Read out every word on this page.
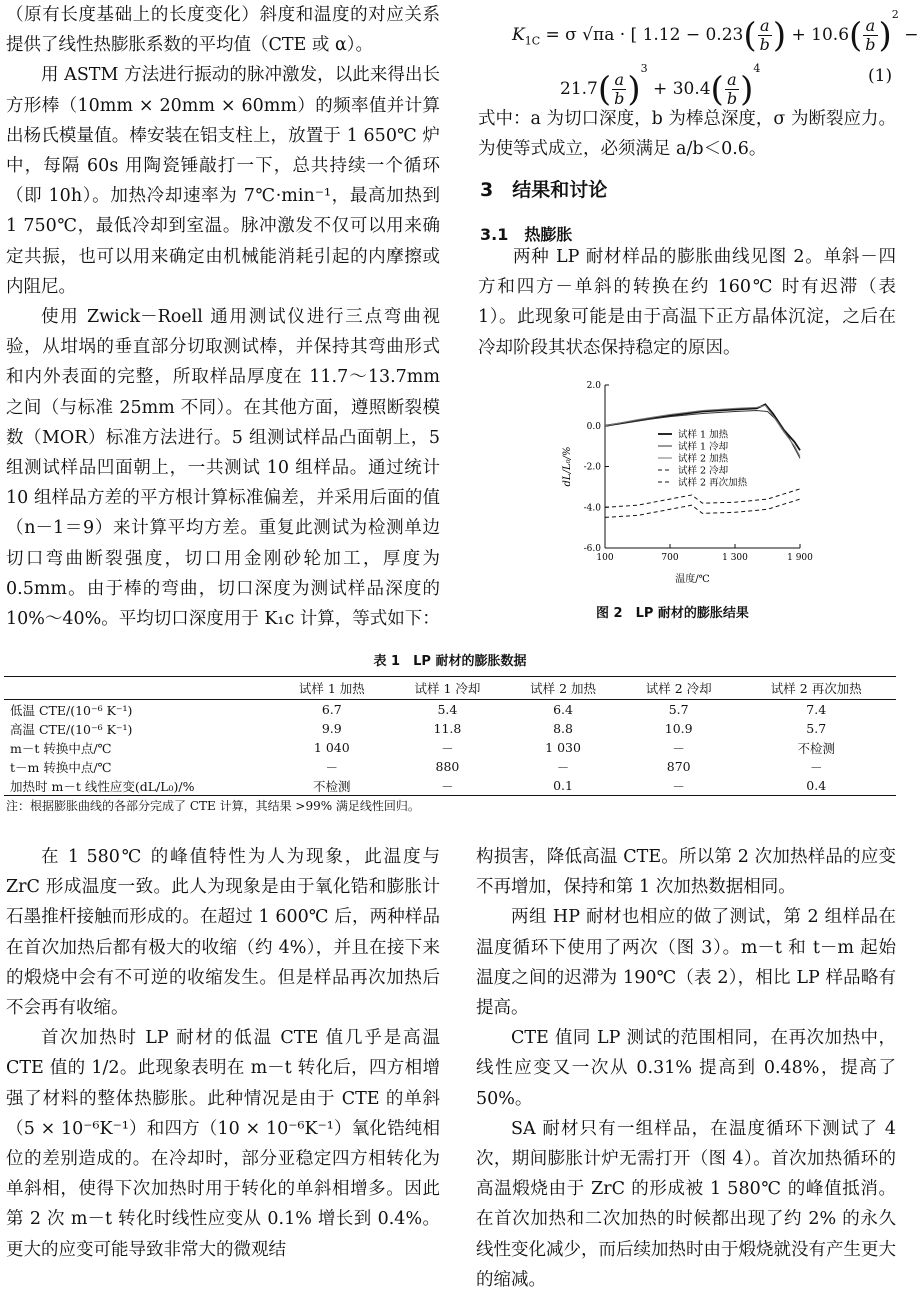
（原有长度基础上的长度变化）斜度和温度的对应关系提供了线性热膨胀系数的平均值（CTE 或 α）。

用 ASTM 方法进行振动的脉冲激发，以此来得出长方形棒（10mm × 20mm × 60mm）的频率值并计算出杨氏模量值。棒安装在铝支柱上，放置于 1 650℃ 炉中，每隔 60s 用陶瓷锤敲打一下，总共持续一个循环（即 10h）。加热冷却速率为 7℃·min⁻¹，最高加热到 1 750℃，最低冷却到室温。脉冲激发不仅可以用来确定共振，也可以用来确定由机械能消耗引起的内摩擦或内阻尼。

使用 Zwick－Roell 通用测试仪进行三点弯曲视验，从坩埚的垂直部分切取测试棒，并保持其弯曲形式和内外表面的完整，所取样品厚度在 11.7～13.7mm 之间（与标准 25mm 不同）。在其他方面，遵照断裂模数（MOR）标准方法进行。5 组测试样品凸面朝上，5 组测试样品凹面朝上，一共测试 10 组样品。通过统计 10 组样品方差的平方根计算标准偏差，并采用后面的值（n－1＝9）来计算平均方差。重复此测试为检测单边切口弯曲断裂强度，切口用金刚砂轮加工，厚度为 0.5mm。由于棒的弯曲，切口深度为测试样品深度的 10%～40%。平均切口深度用于 K₁c 计算，等式如下：

$K_{1C} = \sigma$ √πa · [ $1.12 - 0.23( \frac{a}{b}$ ) + $10.6( \frac{a}{b} )^2$ −
$21.7( \frac{a}{b} )^3 + 30.4( \frac{a}{b} )^4$	(1)
式中：a 为切口深度，b 为棒总深度，σ 为断裂应力。为使等式成立，必须满足 a/b＜0.6。
3　结果和讨论
3.1　热膨胀
两种 LP 耐材样品的膨胀曲线见图 2。单斜－四方和四方－单斜的转换在约 160℃ 时有迟滞（表 1）。此现象可能是由于高温下正方晶体沉淀，之后在冷却阶段其状态保持稳定的原因。
2.0
0.0
-2.0
-4.0
-6.0
100	700	1 300	1 900
温度/℃
dL/L₀/%
试样 1 加热
试样 1 冷却
试样 2 加热
试样 2 冷却
试样 2 再次加热
图 2　LP 耐材的膨胀结果
表 1　LP 耐材的膨胀数据
	试样 1 加热	试样 1 冷却	试样 2 加热	试样 2 冷却	试样 2 再次加热
低温 CTE/(10⁻⁶ K⁻¹)	6.7	5.4	6.4	5.7	7.4
高温 CTE/(10⁻⁶ K⁻¹)	9.9	11.8	8.8	10.9	5.7
m－t 转换中点/℃	1 040	－	1 030	－	不检测
t－m 转换中点/℃	－	880	－	870	－
加热时 m－t 线性应变(dL/L₀)/%	不检测	－	0.1	－	0.4
注：根据膨胀曲线的各部分完成了 CTE 计算，其结果 >99% 满足线性回归。

在 1 580℃ 的峰值特性为人为现象，此温度与 ZrC 形成温度一致。此人为现象是由于氧化锆和膨胀计石墨推杆接触而形成的。在超过 1 600℃ 后，两种样品在首次加热后都有极大的收缩（约 4%），并且在接下来的煅烧中会有不可逆的收缩发生。但是样品再次加热后不会再有收缩。

首次加热时 LP 耐材的低温 CTE 值几乎是高温 CTE 值的 1/2。此现象表明在 m－t 转化后，四方相增强了材料的整体热膨胀。此种情况是由于 CTE 的单斜（5 × 10⁻⁶K⁻¹）和四方（10 × 10⁻⁶K⁻¹）氧化锆纯相位的差别造成的。在冷却时，部分亚稳定四方相转化为单斜相，使得下次加热时用于转化的单斜相增多。因此第 2 次 m－t 转化时线性应变从 0.1% 增长到 0.4%。更大的应变可能导致非常大的微观结

构损害，降低高温 CTE。所以第 2 次加热样品的应变不再增加，保持和第 1 次加热数据相同。

两组 HP 耐材也相应的做了测试，第 2 组样品在温度循环下使用了两次（图 3）。m－t 和 t－m 起始温度之间的迟滞为 190℃（表 2），相比 LP 样品略有提高。

CTE 值同 LP 测试的范围相同，在再次加热中，线性应变又一次从 0.31% 提高到 0.48%，提高了 50%。

SA 耐材只有一组样品，在温度循环下测试了 4 次，期间膨胀计炉无需打开（图 4）。首次加热循环的高温煅烧由于 ZrC 的形成被 1 580℃ 的峰值抵消。在首次加热和二次加热的时候都出现了约 2% 的永久线性变化减少，而后续加热时由于煅烧就没有产生更大的缩减。
